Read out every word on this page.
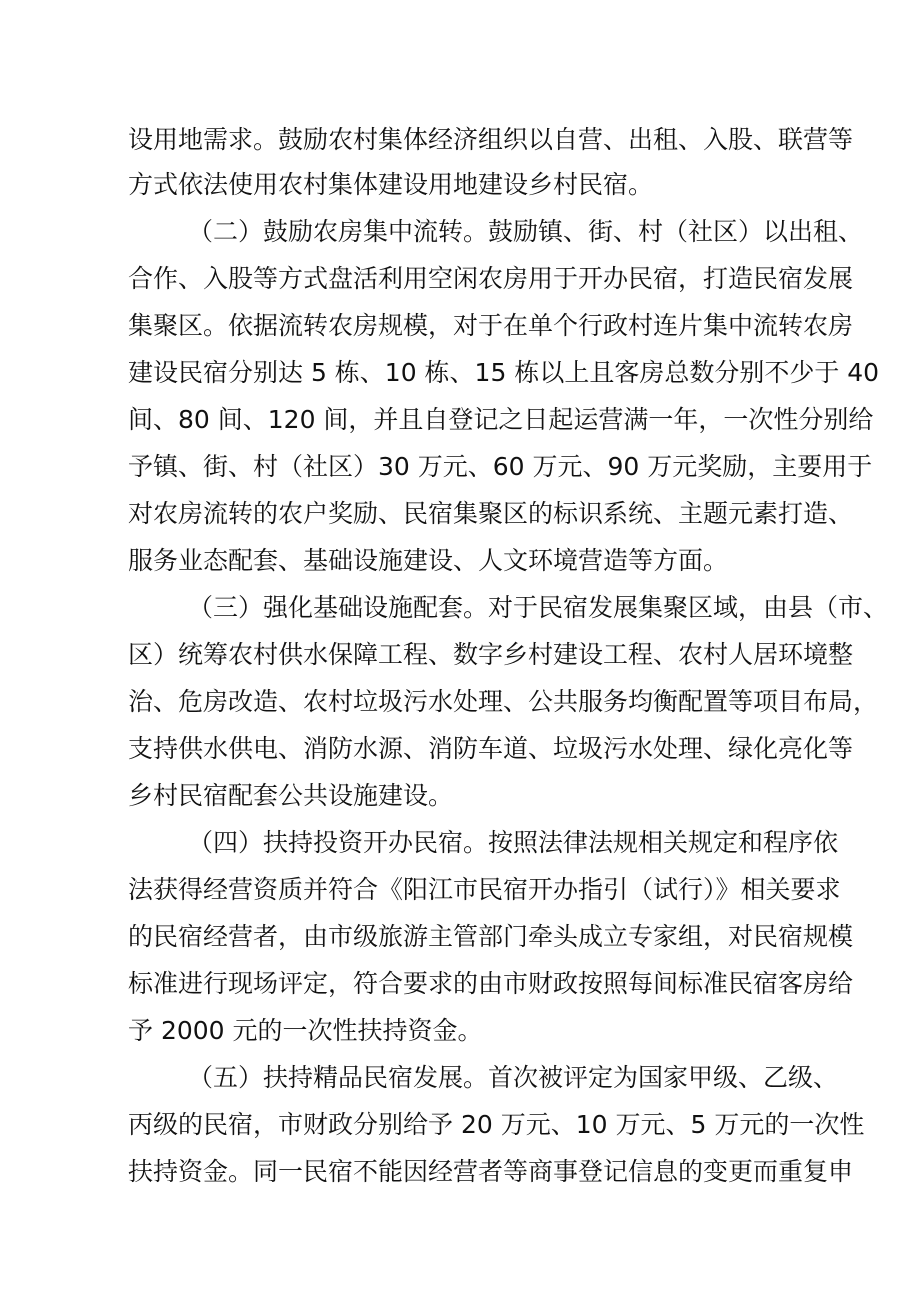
设用地需求。鼓励农村集体经济组织以自营、出租、入股、联营等
方式依法使用农村集体建设用地建设乡村民宿。
（二）鼓励农房集中流转。鼓励镇、街、村（社区）以出租、
合作、入股等方式盘活利用空闲农房用于开办民宿，打造民宿发展
集聚区。依据流转农房规模，对于在单个行政村连片集中流转农房
建设民宿分别达 5 栋、10 栋、15 栋以上且客房总数分别不少于 40
间、80 间、120 间，并且自登记之日起运营满一年，一次性分别给
予镇、街、村（社区）30 万元、60 万元、90 万元奖励，主要用于
对农房流转的农户奖励、民宿集聚区的标识系统、主题元素打造、
服务业态配套、基础设施建设、人文环境营造等方面。
（三）强化基础设施配套。对于民宿发展集聚区域，由县（市、
区）统筹农村供水保障工程、数字乡村建设工程、农村人居环境整
治、危房改造、农村垃圾污水处理、公共服务均衡配置等项目布局，
支持供水供电、消防水源、消防车道、垃圾污水处理、绿化亮化等
乡村民宿配套公共设施建设。
（四）扶持投资开办民宿。按照法律法规相关规定和程序依
法获得经营资质并符合《阳江市民宿开办指引（试行）》相关要求
的民宿经营者，由市级旅游主管部门牵头成立专家组，对民宿规模
标准进行现场评定，符合要求的由市财政按照每间标准民宿客房给
予 2000 元的一次性扶持资金。
（五）扶持精品民宿发展。首次被评定为国家甲级、乙级、
丙级的民宿，市财政分别给予 20 万元、10 万元、5 万元的一次性
扶持资金。同一民宿不能因经营者等商事登记信息的变更而重复申
